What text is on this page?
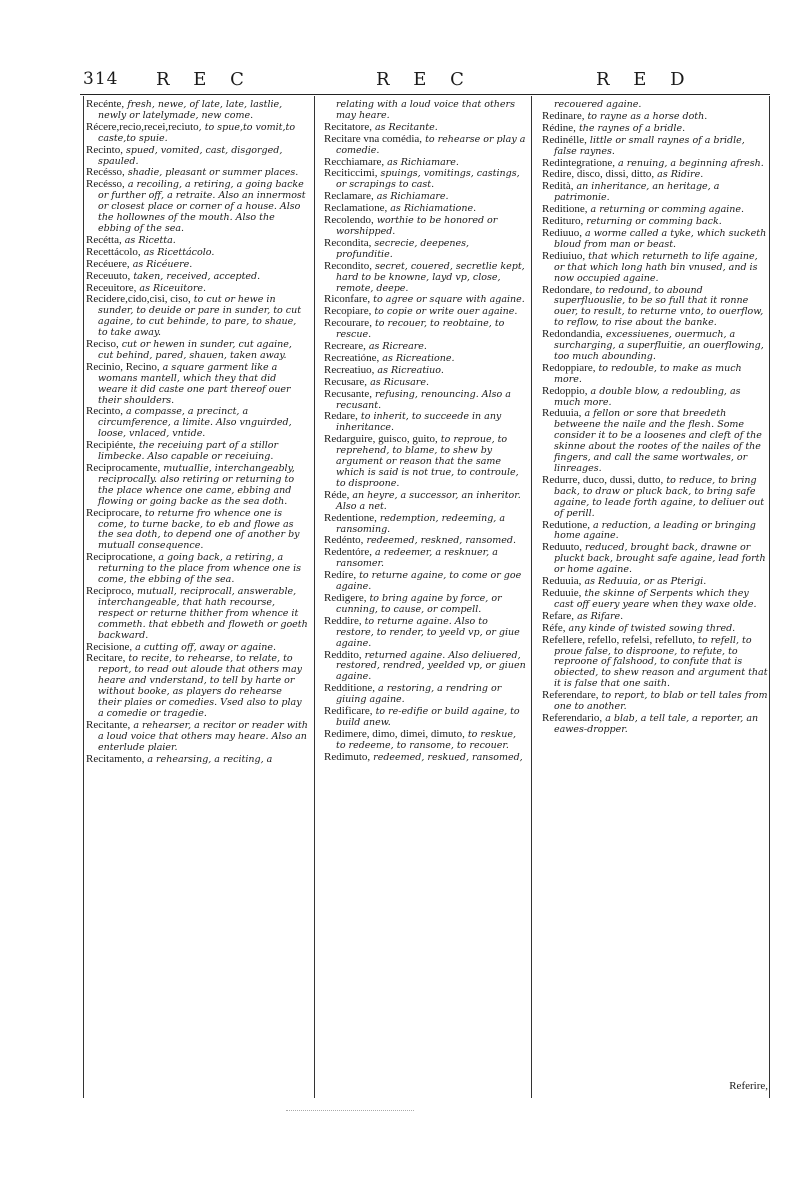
314 R E C	R E C	R E D

Recénte, fresh, newe, of late, late, lastlie, newly or latelymade, new come.

Récere,recio,recei,reciuto, to spue,to vomit,to caste,to spuie.

Recinto, spued, vomited, cast, disgorged, spauled.

Recésso, shadie, pleasant or summer places.

Recésso, a recoiling, a retiring, a going backe or further off, a retraite. Also an innermost or closest place or corner of a house. Also the hollownes of the mouth. Also the ebbing of the sea.

Recétta, as Ricetta.

Recettácolo, as Ricettácolo.

Recéuere, as Ricéuere.

Receuuto, taken, received, accepted.

Receuitore, as Riceuitore.

Recidere,cido,cisi, ciso, to cut or hewe in sunder, to deuide or pare in sunder, to cut againe, to cut behinde, to pare, to shaue, to take away.

Reciso, cut or hewen in sunder, cut againe, cut behind, pared, shauen, taken away.

Recinio, Recino, a square garment like a womans mantell, which they that did weare it did caste one part thereof ouer their shoulders.

Recinto, a compasse, a precinct, a circumference, a limite. Also vnguirded, loose, vnlaced, vntide.

Recipiénte, the receiuing part of a stillor limbecke. Also capable or receiuing.

Reciprocamente, mutuallie, interchangeably, reciprocally. also retiring or returning to the place whence one came, ebbing and flowing or going backe as the sea doth.

Reciprocare, to returne fro whence one is come, to turne backe, to eb and flowe as the sea doth, to depend one of another by mutuall consequence.

Reciprocatione, a going back, a retiring, a returning to the place from whence one is come, the ebbing of the sea.

Reciproco, mutuall, reciprocall, answerable, interchangeable, that hath recourse, respect or returne thither from whence it commeth. that ebbeth and floweth or goeth backward.

Recisione, a cutting off, away or againe.

Recitare, to recite, to rehearse, to relate, to report, to read out aloude that others may heare and vnderstand, to tell by harte or without booke, as players do rehearse their plaies or comedies. Vsed also to play a comedie or tragedie.

Recitante, a rehearser, a recitor or reader with a loud voice that others may heare. Also an enterlude plaier.

Recitamento, a rehearsing, a reciting, a

relating with a loud voice that others may heare.

Recitatore, as Recitante.

Recitare vna comédia, to rehearse or play a comedie.

Recchiamare, as Richiamare.

Reciticcimi, spuings, vomitings, castings, or scrapings to cast.

Reclamare, as Richiamare.

Reclamatione, as Richiamatione.

Recolendo, worthie to be honored or worshipped.

Recondita, secrecie, deepenes, profunditie.

Recondito, secret, couered, secretlie kept, hard to be knowne, layd vp, close, remote, deepe.

Riconfare, to agree or square with againe.

Recopiare, to copie or write ouer againe.

Recourare, to recouer, to reobtaine, to rescue.

Recreare, as Ricreare.

Recreatióne, as Ricreatione.

Recreatiuo, as Ricreatiuo.

Recusare, as Ricusare.

Recusante, refusing, renouncing. Also a recusant.

Redare, to inherit, to succeede in any inheritance.

Redarguire, guisco, guito, to reproue, to reprehend, to blame, to shew by argument or reason that the same which is said is not true, to controule, to disproone.

Réde, an heyre, a successor, an inheritor. Also a net.

Redentione, redemption, redeeming, a ransoming.

Redénto, redeemed, reskned, ransomed.

Redentóre, a redeemer, a resknuer, a ransomer.

Redíre, to returne againe, to come or goe againe.

Redigere, to bring againe by force, or cunning, to cause, or compell.

Reddire, to returne againe. Also to restore, to render, to yeeld vp, or giue againe.

Reddito, returned againe. Also deliuered, restored, rendred, yeelded vp, or giuen againe.

Redditione, a restoring, a rendring or giuing againe.

Redificare, to re-edifie or build againe, to build anew.

Redimere, dimo, dimei, dimuto, to reskue, to redeeme, to ransome, to recouer.

Redimuto, redeemed, reskued, ransomed,

recouered againe.

Redinare, to rayne as a horse doth.

Rédine, the raynes of a bridle.

Redinélle, little or small raynes of a bridle, false raynes.

Redintegratione, a renuing, a beginning afresh.

Redire, disco, dissi, ditto, as Ridire.

Redità, an inheritance, an heritage, a patrimonie.

Reditione, a returning or comming againe.

Redituro, returning or comming back.

Rediuuo, a worme called a tyke, which sucketh bloud from man or beast.

Rediuiuo, that which returneth to life againe, or that which long hath bin vnused, and is now occupied againe.

Redondare, to redound, to abound superfluouslie, to be so full that it ronne ouer, to result, to returne vnto, to ouerflow, to reflow, to rise about the banke.

Redondandia, excessiuenes, ouermuch, a surcharging, a superfluitie, an ouerflowing, too much abounding.

Redoppiare, to redouble, to make as much more.

Redoppio, a double blow, a redoubling, as much more.

Reduuia, a fellon or sore that breedeth betweene the naile and the flesh. Some consider it to be a loosenes and cleft of the skinne about the rootes of the nailes of the fingers, and call the same wortwales, or linreages.

Redurre, duco, dussi, dutto, to reduce, to bring back, to draw or pluck back, to bring safe againe, to leade forth againe, to deliuer out of perill.

Redutione, a reduction, a leading or bringing home againe.

Reduuto, reduced, brought back, drawne or pluckt back, brought safe againe, lead forth or home againe.

Reduuia, as Reduuia, or as Pterigi.

Reduuie, the skinne of Serpents which they cast off euery yeare when they waxe olde.

Refare, as Rifare.

Réfe, any kinde of twisted sowing thred.

Refellere, refello, refelsi, refelluto, to refell, to proue false, to disproone, to refute, to reproone of falshood, to confute that is obiected, to shew reason and argument that it is false that one saith.

Referendare, to report, to blab or tell tales from one to another.

Referendario, a blab, a tell tale, a reporter, an eawes-dropper.

Referire,
